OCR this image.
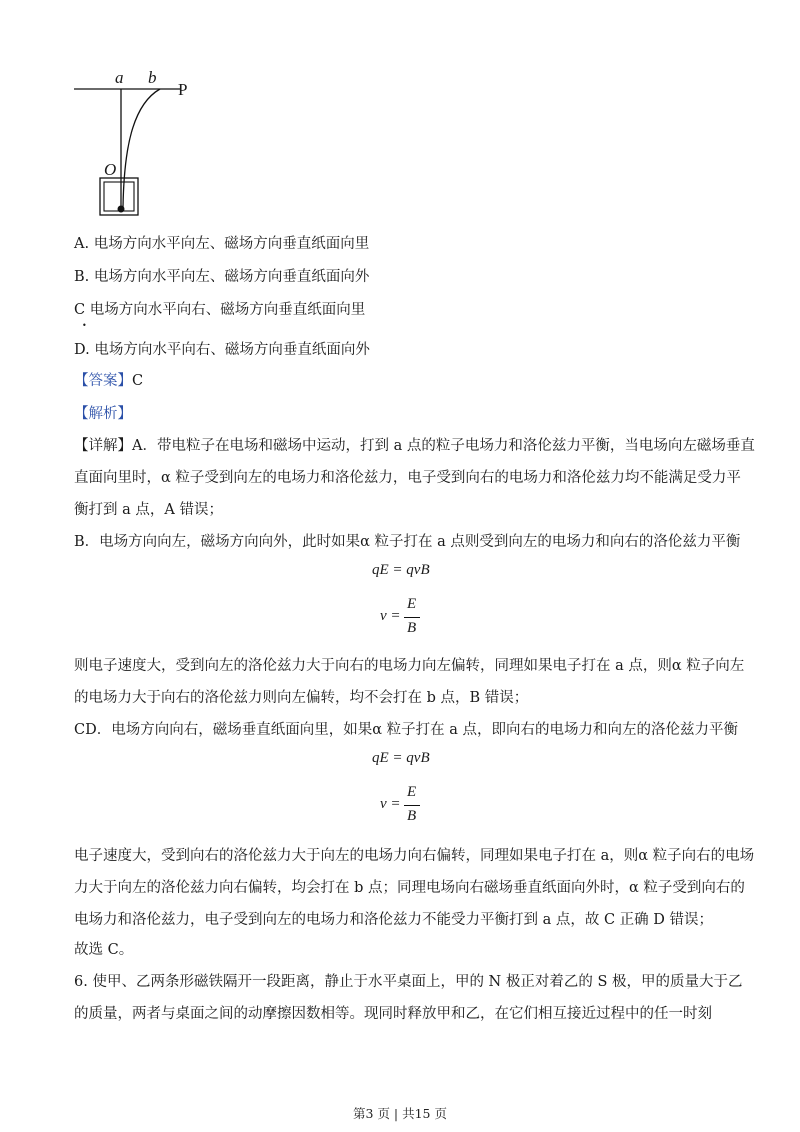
a b
P
O
A. 电场方向水平向左、磁场方向垂直纸面向里
B. 电场方向水平向左、磁场方向垂直纸面向外
C 电场方向水平向右、磁场方向垂直纸面向里
•
D. 电场方向水平向右、磁场方向垂直纸面向外
【答案】C
【解析】
【详解】A．带电粒子在电场和磁场中运动，打到 a 点的粒子电场力和洛伦兹力平衡，当电场向左磁场垂直
直面向里时，α 粒子受到向左的电场力和洛伦兹力，电子受到向右的电场力和洛伦兹力均不能满足受力平
衡打到 a 点，A 错误；
B．电场方向向左，磁场方向向外，此时如果α 粒子打在 a 点则受到向左的电场力和向右的洛伦兹力平衡
qE = qvB
v =
E
B
则电子速度大，受到向左的洛伦兹力大于向右的电场力向左偏转，同理如果电子打在 a 点，则α 粒子向左
的电场力大于向右的洛伦兹力则向左偏转，均不会打在 b 点，B 错误；
CD．电场方向向右，磁场垂直纸面向里，如果α 粒子打在 a 点，即向右的电场力和向左的洛伦兹力平衡
qE = qvB
v =
E
B
电子速度大，受到向右的洛伦兹力大于向左的电场力向右偏转，同理如果电子打在 a，则α 粒子向右的电场
力大于向左的洛伦兹力向右偏转，均会打在 b 点；同理电场向右磁场垂直纸面向外时，α 粒子受到向右的
电场力和洛伦兹力，电子受到向左的电场力和洛伦兹力不能受力平衡打到 a 点，故 C 正确 D 错误；
故选 C。
6. 使甲、乙两条形磁铁隔开一段距离，静止于水平桌面上，甲的 N 极正对着乙的 S 极，甲的质量大于乙
的质量，两者与桌面之间的动摩擦因数相等。现同时释放甲和乙，在它们相互接近过程中的任一时刻
第3 页 | 共15 页
